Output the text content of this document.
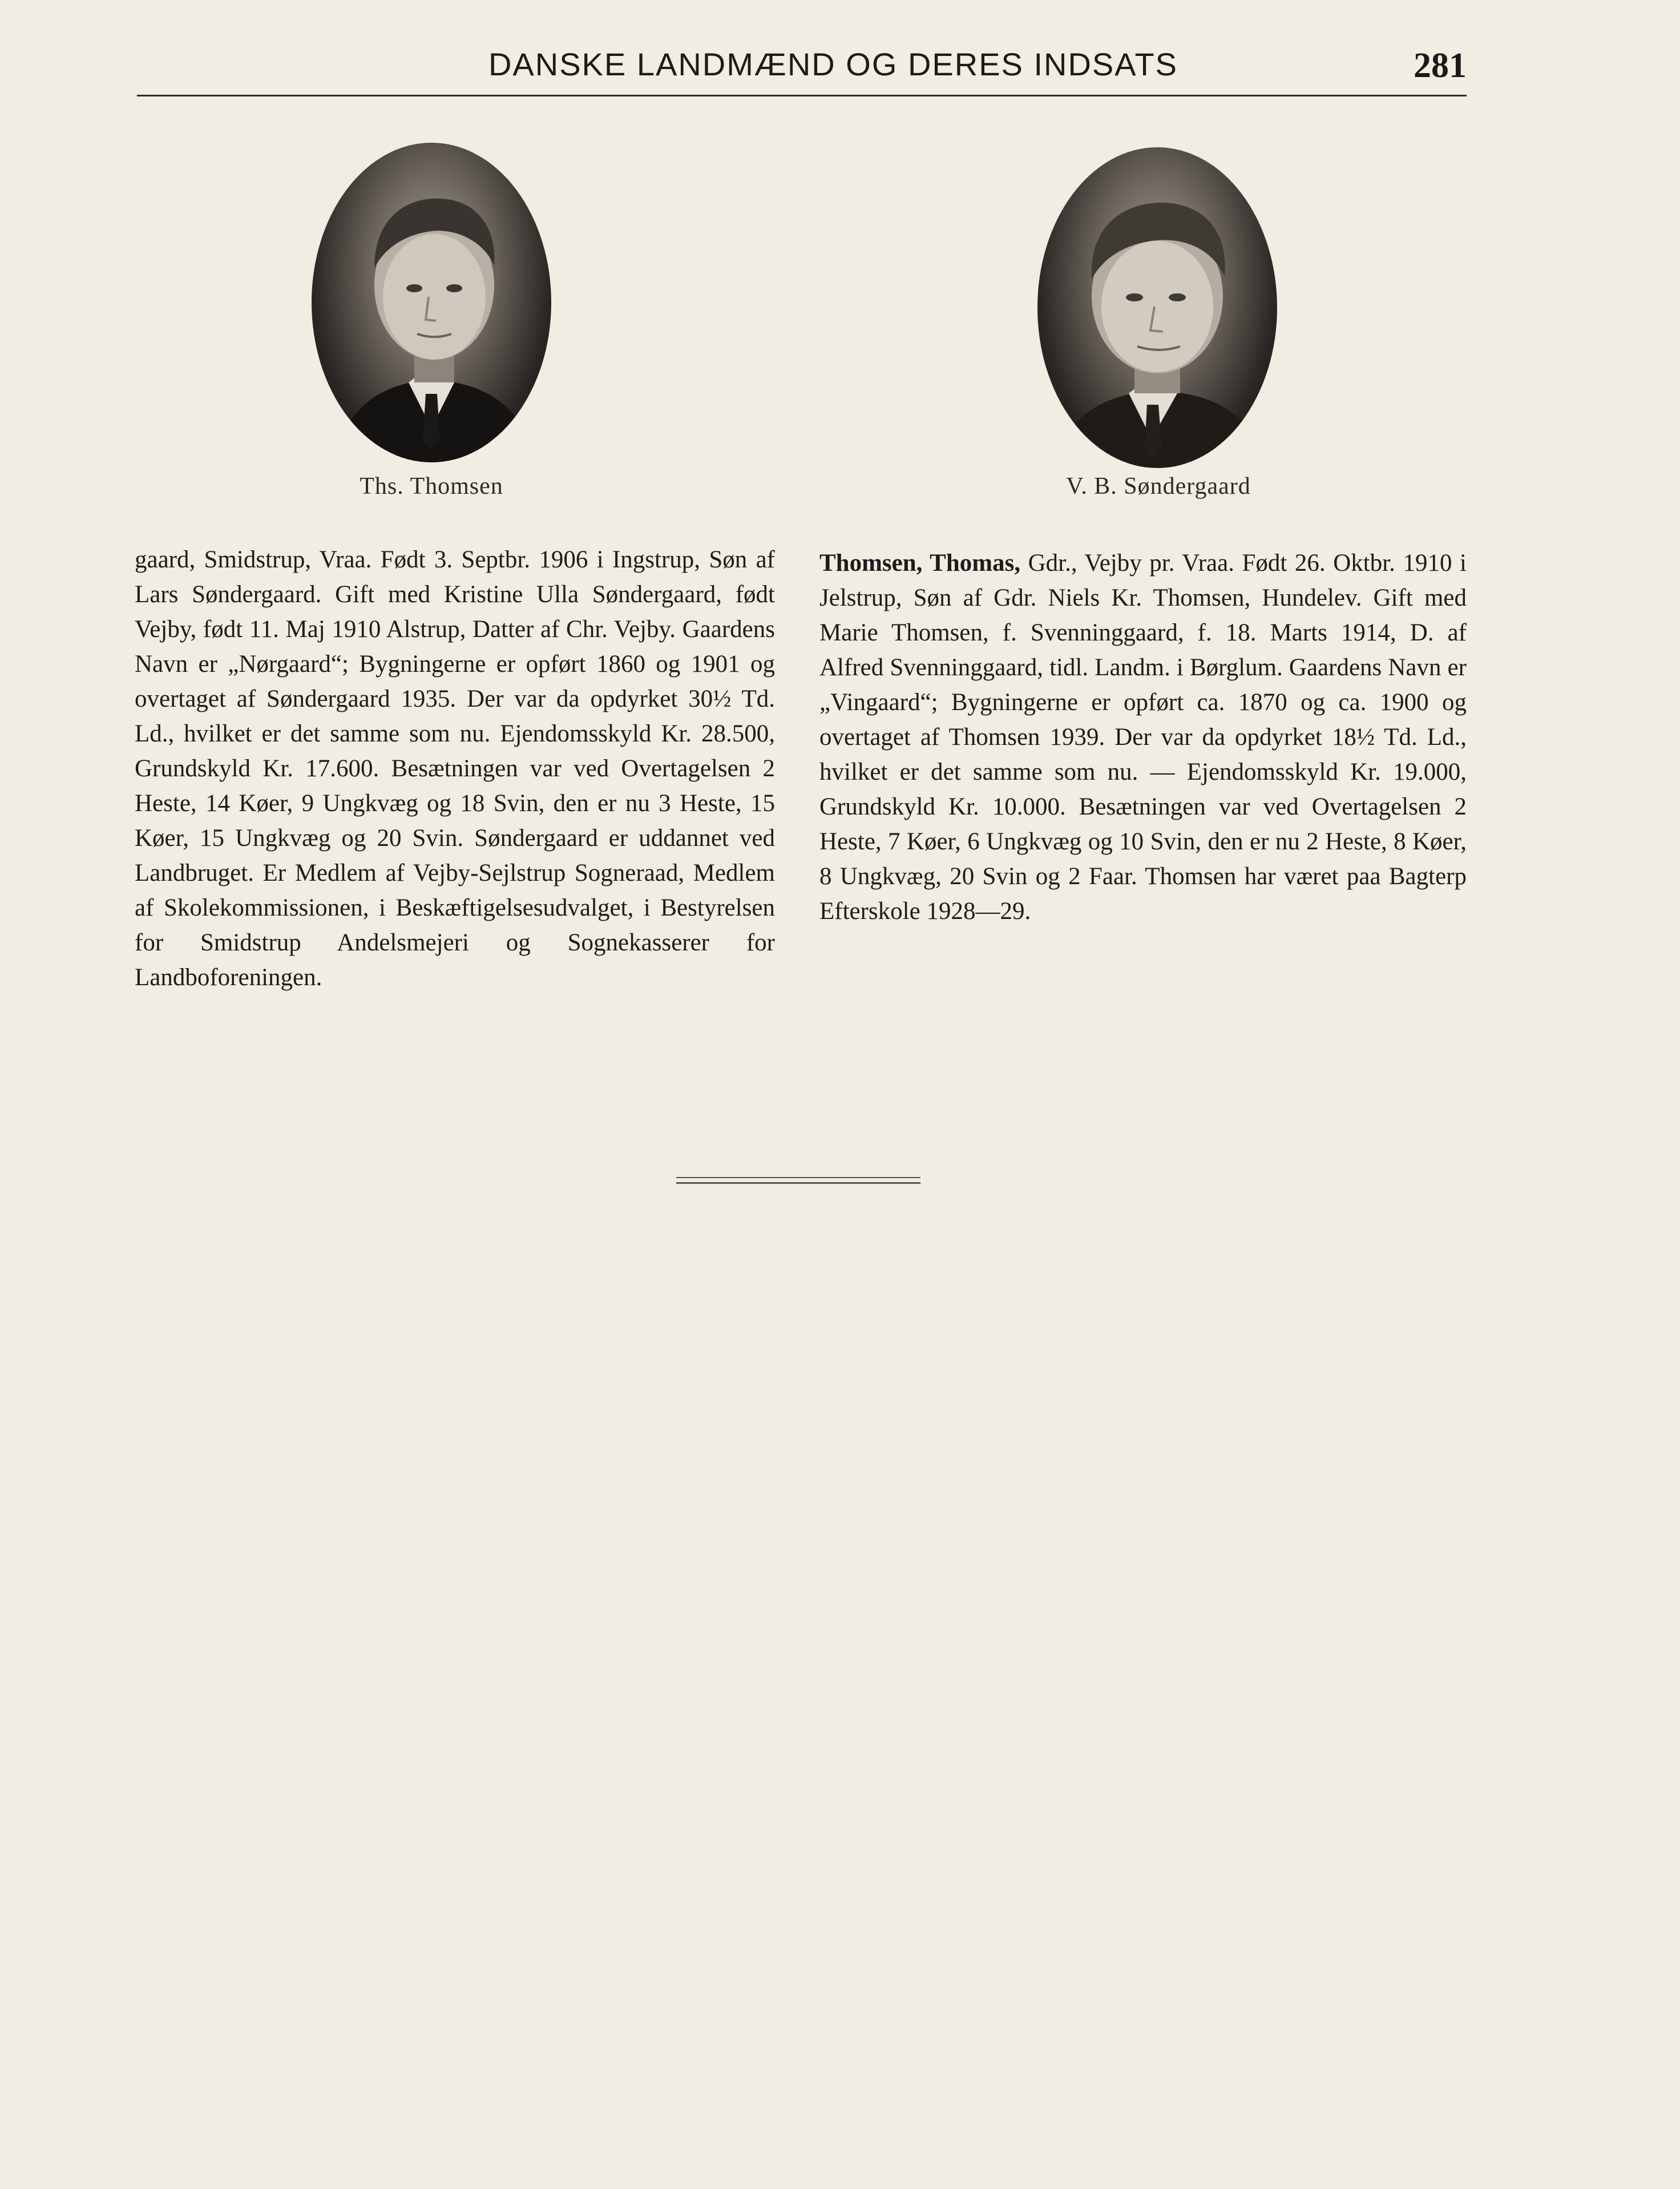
DANSKE LANDMÆND OG DERES INDSATS	281
Ths. Thomsen	V. B. Søndergaard

gaard, Smidstrup, Vraa. Født 3. Septbr. 1906 i Ingstrup, Søn af Lars Søndergaard. Gift med Kristine Ulla Søndergaard, født Vejby, født 11. Maj 1910 Alstrup, Datter af Chr. Vejby. Gaardens Navn er „Nørgaard“; Bygningerne er opført 1860 og 1901 og overtaget af Søndergaard 1935. Der var da opdyrket 30½ Td. Ld., hvilket er det samme som nu. Ejendomsskyld Kr. 28.500, Grundskyld Kr. 17.600. Besætningen var ved Overtagelsen 2 Heste, 14 Køer, 9 Ungkvæg og 18 Svin, den er nu 3 Heste, 15 Køer, 15 Ungkvæg og 20 Svin. Søndergaard er uddannet ved Landbruget. Er Medlem af Vejby-Sejlstrup Sogneraad, Medlem af Skolekommissionen, i Beskæftigelsesudvalget, i Bestyrelsen for Smidstrup Andelsmejeri og Sognekasserer for Landboforeningen.

Thomsen, Thomas, Gdr., Vejby pr. Vraa. Født 26. Oktbr. 1910 i Jelstrup, Søn af Gdr. Niels Kr. Thomsen, Hundelev. Gift med Marie Thomsen, f. Svenninggaard, f. 18. Marts 1914, D. af Alfred Svenninggaard, tidl. Landm. i Børglum. Gaardens Navn er „Vingaard“; Bygningerne er opført ca. 1870 og ca. 1900 og overtaget af Thomsen 1939. Der var da opdyrket 18½ Td. Ld., hvilket er det samme som nu. — Ejendomsskyld Kr. 19.000, Grundskyld Kr. 10.000. Besætningen var ved Overtagelsen 2 Heste, 7 Køer, 6 Ungkvæg og 10 Svin, den er nu 2 Heste, 8 Køer, 8 Ungkvæg, 20 Svin og 2 Faar. Thomsen har været paa Bagterp Efterskole 1928—29.
